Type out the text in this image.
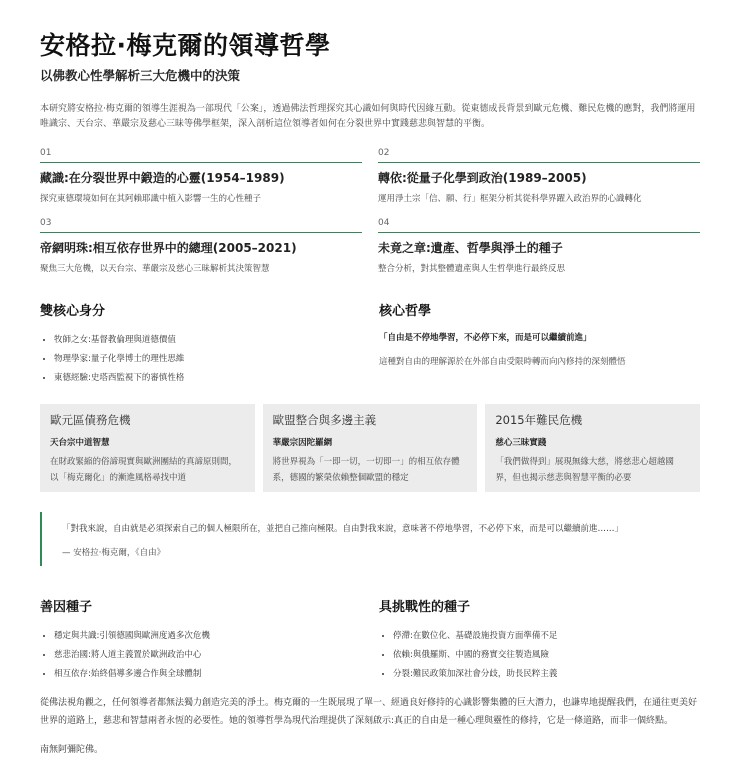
安格拉·梅克爾的領導哲學
以佛教心性學解析三大危機中的決策
本研究將安格拉·梅克爾的領導生涯視為一部現代「公案」，透過佛法哲理探究其心識如何與時代因緣互動。從東德成長背景到歐元危機、難民危機的應對，我們將運用唯識宗、天台宗、華嚴宗及慈心三昧等佛學框架，深入剖析這位領導者如何在分裂世界中實踐慈悲與智慧的平衡。
01
藏識:在分裂世界中鍛造的心靈(1954–1989)
探究東德環境如何在其阿賴耶識中植入影響一生的心性種子
02
轉依:從量子化學到政治(1989–2005)
運用淨土宗「信、願、行」框架分析其從科學界躍入政治界的心識轉化
03
帝網明珠:相互依存世界中的總理(2005–2021)
聚焦三大危機，以天台宗、華嚴宗及慈心三昧解析其決策智慧
04
未竟之章:遺產、哲學與淨土的種子
整合分析，對其整體遺產與人生哲學進行最終反思
雙核心身分
• 牧師之女:基督教倫理與道德價值
• 物理學家:量子化學博士的理性思維
• 東德經驗:史塔西監視下的審慎性格
核心哲學
「自由是不停地學習，不必停下來，而是可以繼續前進」
這種對自由的理解源於在外部自由受限時轉而向內修持的深刻體悟
歐元區債務危機
天台宗中道智慧
在財政緊縮的俗諦現實與歐洲團結的真諦原則間，以「梅克爾化」的漸進風格尋找中道
歐盟整合與多邊主義
華嚴宗因陀羅網
將世界視為「一即一切，一切即一」的相互依存體系，德國的繁榮依賴整個歐盟的穩定
2015年難民危機
慈心三昧實踐
「我們做得到」展現無緣大慈，將慈悲心超越國界，但也揭示慈悲與智慧平衡的必要
「對我來說，自由就是必須探索自己的個人極限所在，並把自己推向極限。自由對我來說，意味著不停地學習，不必停下來，而是可以繼續前進……」
— 安格拉·梅克爾，《自由》
善因種子
• 穩定與共識:引領德國與歐洲度過多次危機
• 慈悲治國:將人道主義置於歐洲政治中心
• 相互依存:始終倡導多邊合作與全球體制
具挑戰性的種子
• 停滯:在數位化、基礎設施投資方面準備不足
• 依賴:與俄羅斯、中國的務實交往製造風險
• 分裂:難民政策加深社會分歧，助長民粹主義
從佛法視角觀之，任何領導者都無法獨力創造完美的淨土。梅克爾的一生既展現了單一、經過良好修持的心識影響集體的巨大潛力，也謙卑地提醒我們，在通往更美好世界的道路上，慈悲和智慧兩者永恆的必要性。她的領導哲學為現代治理提供了深刻啟示:真正的自由是一種心理與靈性的修持，它是一條道路，而非一個終點。
南無阿彌陀佛。
